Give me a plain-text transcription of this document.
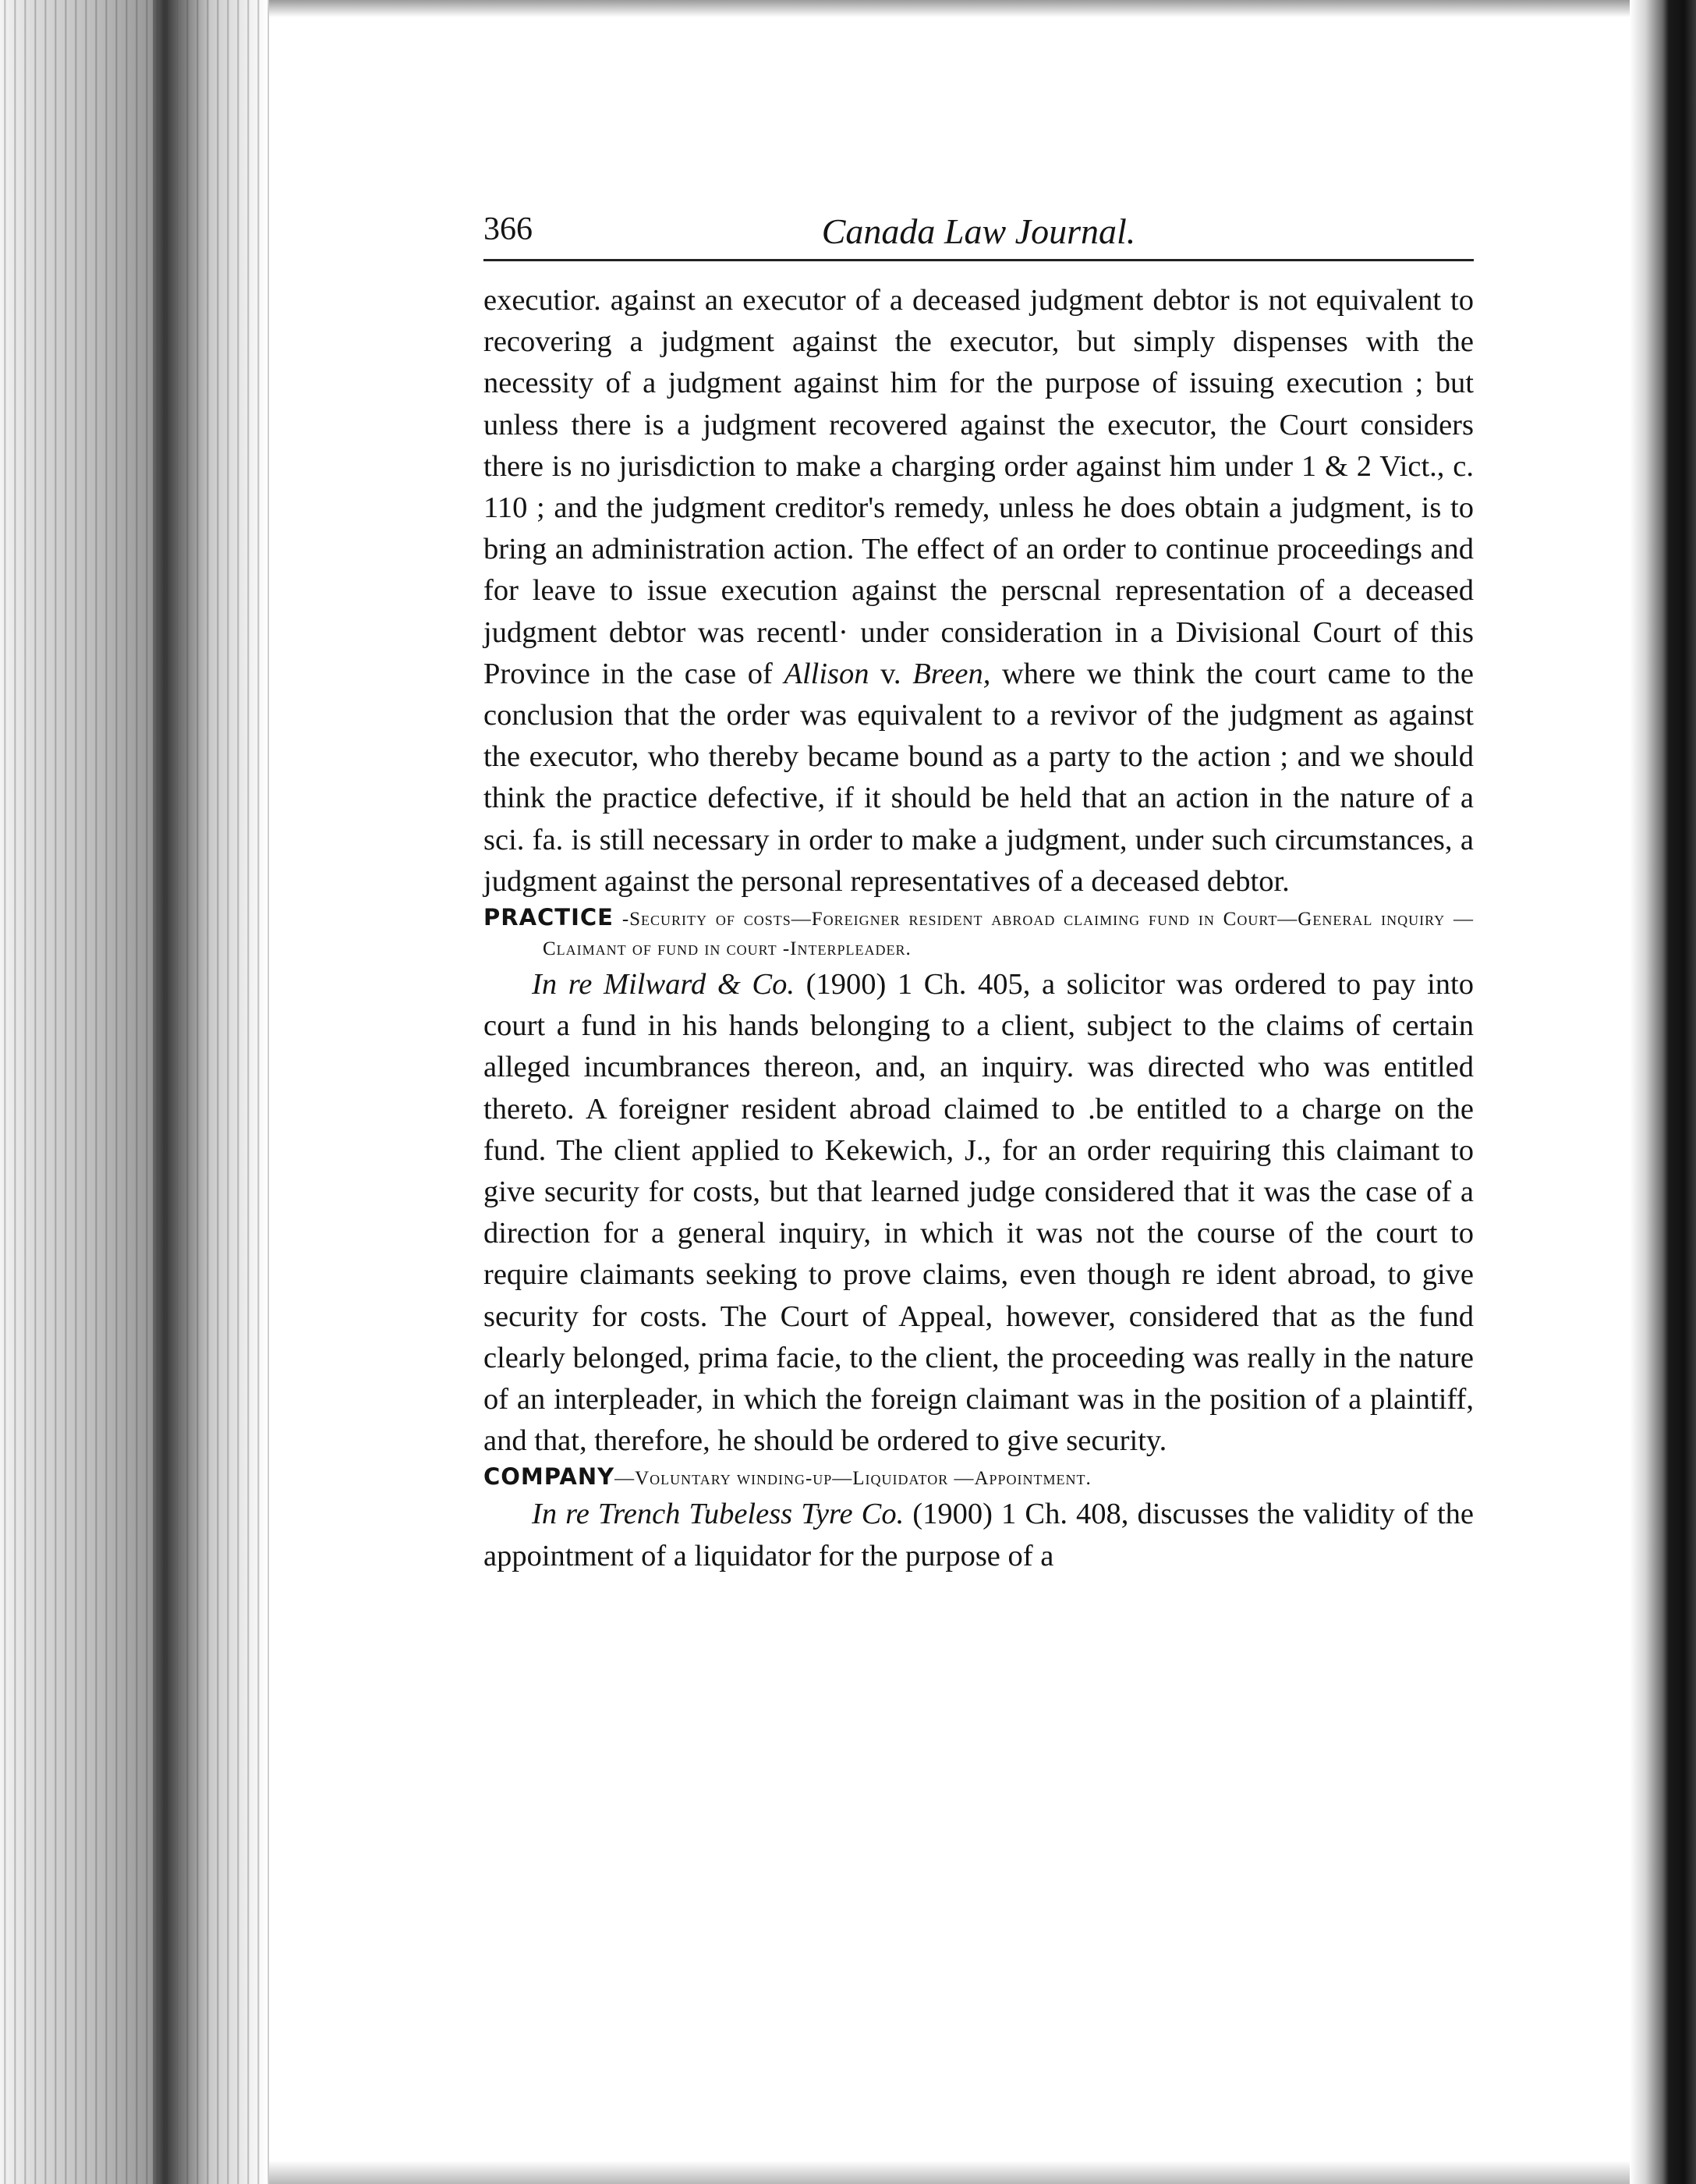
366	Canada Law Journal.

executior. against an executor of a deceased judgment debtor is not equivalent to recovering a judgment against the executor, but simply dispenses with the necessity of a judgment against him for the purpose of issuing execution ; but unless there is a judgment recovered against the executor, the Court considers there is no jurisdiction to make a charging order against him under 1 & 2 Vict., c. 110 ; and the judgment creditor's remedy, unless he does obtain a judgment, is to bring an administration action. The effect of an order to continue proceedings and for leave to issue execution against the perscnal representation of a deceased judgment debtor was recentl· under consideration in a Divisional Court of this Province in the case of Allison v. Breen, where we think the court came to the conclusion that the order was equivalent to a revivor of the judgment as against the executor, who thereby became bound as a party to the action ; and we should think the practice defective, if it should be held that an action in the nature of a sci. fa. is still necessary in order to make a judgment, under such circumstances, a judgment against the personal representatives of a deceased debtor.

PRACTICE -Security of costs—Foreigner resident abroad claiming fund in Court—General inquiry —Claimant of fund in court -Interpleader.

In re Milward & Co. (1900) 1 Ch. 405, a solicitor was ordered to pay into court a fund in his hands belonging to a client, subject to the claims of certain alleged incumbrances thereon, and, an inquiry. was directed who was entitled thereto. A foreigner resident abroad claimed to .be entitled to a charge on the fund. The client applied to Kekewich, J., for an order requiring this claimant to give security for costs, but that learned judge considered that it was the case of a direction for a general inquiry, in which it was not the course of the court to require claimants seeking to prove claims, even though re ident abroad, to give security for costs. The Court of Appeal, however, considered that as the fund clearly belonged, prima facie, to the client, the proceeding was really in the nature of an interpleader, in which the foreign claimant was in the position of a plaintiff, and that, therefore, he should be ordered to give security.

COMPANY—Voluntary winding-up—Liquidator —Appointment.

In re Trench Tubeless Tyre Co. (1900) 1 Ch. 408, discusses the validity of the appointment of a liquidator for the purpose of a
